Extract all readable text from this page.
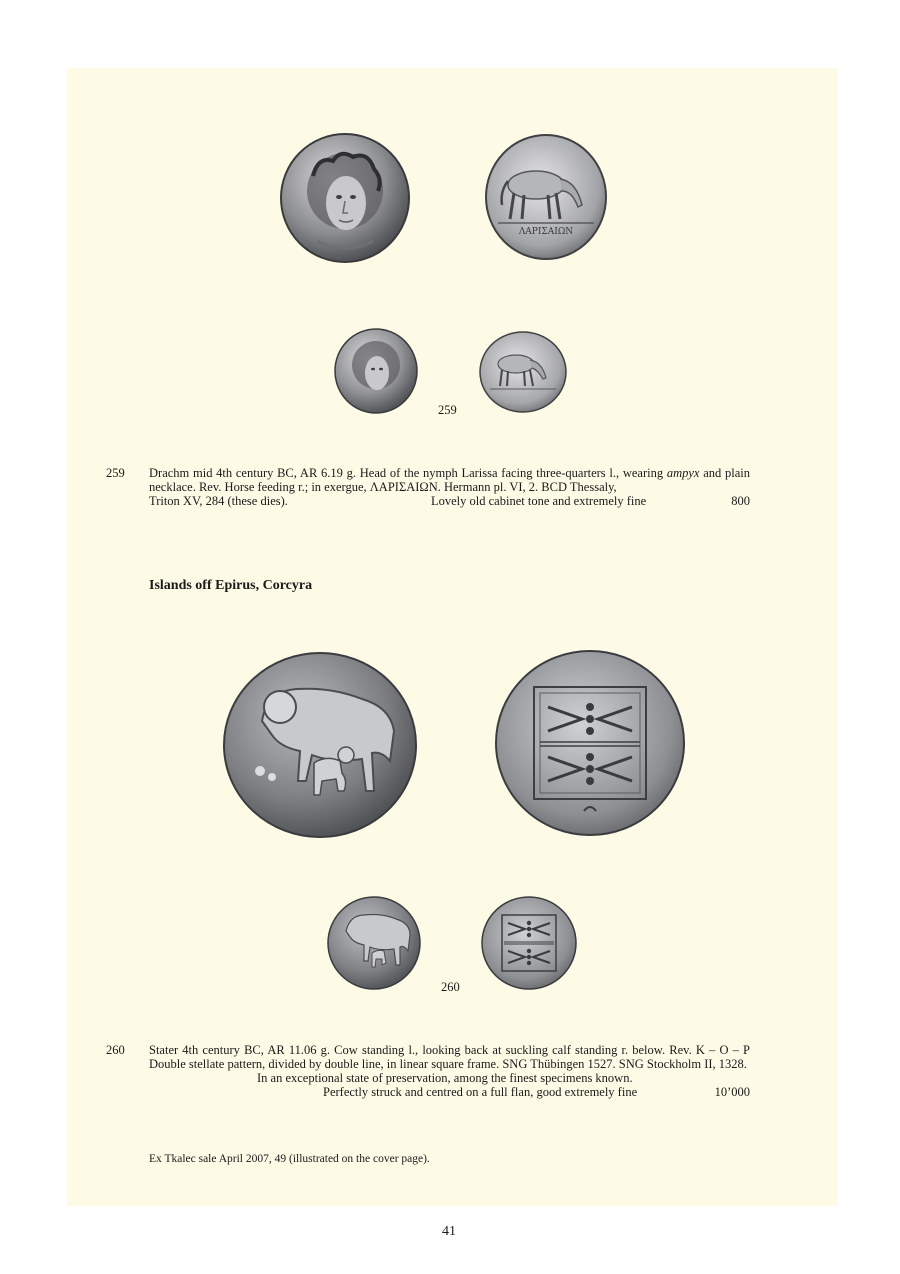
ΛΑΡΙΣΑΙΩΝ
259
259 Drachm mid 4th century BC, AR 6.19 g. Head of the nymph Larissa facing three-quarters l., wearing ampyx and plain necklace. Rev. Horse feeding r.; in exergue, ΛΑΡΙΣΑΙΩΝ. Hermann pl. VI, 2. BCD Thessaly,

Triton XV, 284 (these dies).	Lovely old cabinet tone and extremely fine	800
Islands off Epirus, Corcyra
260
260 Stater 4th century BC, AR 11.06 g. Cow standing l., looking back at suckling calf standing r. below. Rev. K – O – P Double stellate pattern, divided by double line, in linear square frame. SNG Thübingen 1527. SNG Stockholm II, 1328.

In an exceptional state of preservation, among the finest specimens known.
Perfectly struck and centred on a full flan, good extremely fine	10’000
Ex Tkalec sale April 2007, 49 (illustrated on the cover page).
41
